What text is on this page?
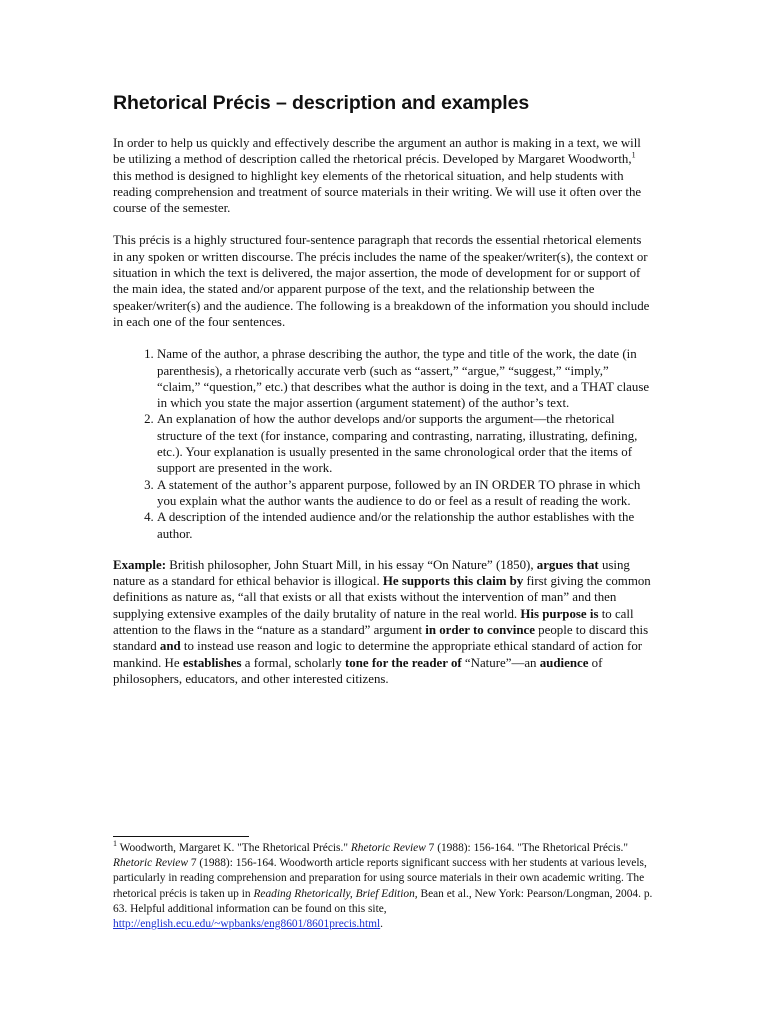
Rhetorical Précis – description and examples

In order to help us quickly and effectively describe the argument an author is making in a text, we will be utilizing a method of description called the rhetorical précis. Developed by Margaret Woodworth,$^1$ this method is designed to highlight key elements of the rhetorical situation, and help students with reading comprehension and treatment of source materials in their writing. We will use it often over the course of the semester.

This précis is a highly structured four-sentence paragraph that records the essential rhetorical elements in any spoken or written discourse. The précis includes the name of the speaker/writer(s), the context or situation in which the text is delivered, the major assertion, the mode of development for or support of the main idea, the stated and/or apparent purpose of the text, and the relationship between the speaker/writer(s) and the audience. The following is a breakdown of the information you should include in each one of the four sentences.

1. Name of the author, a phrase describing the author, the type and title of the work, the date (in parenthesis), a rhetorically accurate verb (such as “assert,” “argue,” “suggest,” “imply,” “claim,” “question,” etc.) that describes what the author is doing in the text, and a THAT clause in which you state the major assertion (argument statement) of the author’s text.
2. An explanation of how the author develops and/or supports the argument—the rhetorical structure of the text (for instance, comparing and contrasting, narrating, illustrating, defining, etc.). Your explanation is usually presented in the same chronological order that the items of support are presented in the work.
3. A statement of the author’s apparent purpose, followed by an IN ORDER TO phrase in which you explain what the author wants the audience to do or feel as a result of reading the work.
4. A description of the intended audience and/or the relationship the author establishes with the author.

Example: British philosopher, John Stuart Mill, in his essay “On Nature” (1850), argues that using nature as a standard for ethical behavior is illogical. He supports this claim by first giving the common definitions as nature as, “all that exists or all that exists without the intervention of man” and then supplying extensive examples of the daily brutality of nature in the real world. His purpose is to call attention to the flaws in the “nature as a standard” argument in order to convince people to discard this standard and to instead use reason and logic to determine the appropriate ethical standard of action for mankind. He establishes a formal, scholarly tone for the reader of “Nature”—an audience of philosophers, educators, and other interested citizens.

$^1$ Woodworth, Margaret K. "The Rhetorical Précis." Rhetoric Review 7 (1988): 156-164. "The Rhetorical Précis." Rhetoric Review 7 (1988): 156-164. Woodworth article reports significant success with her students at various levels, particularly in reading comprehension and preparation for using source materials in their own academic writing. The rhetorical précis is taken up in Reading Rhetorically, Brief Edition, Bean et al., New York: Pearson/Longman, 2004. p. 63. Helpful additional information can be found on this site, http://english.ecu.edu/~wpbanks/eng8601/8601precis.html.
